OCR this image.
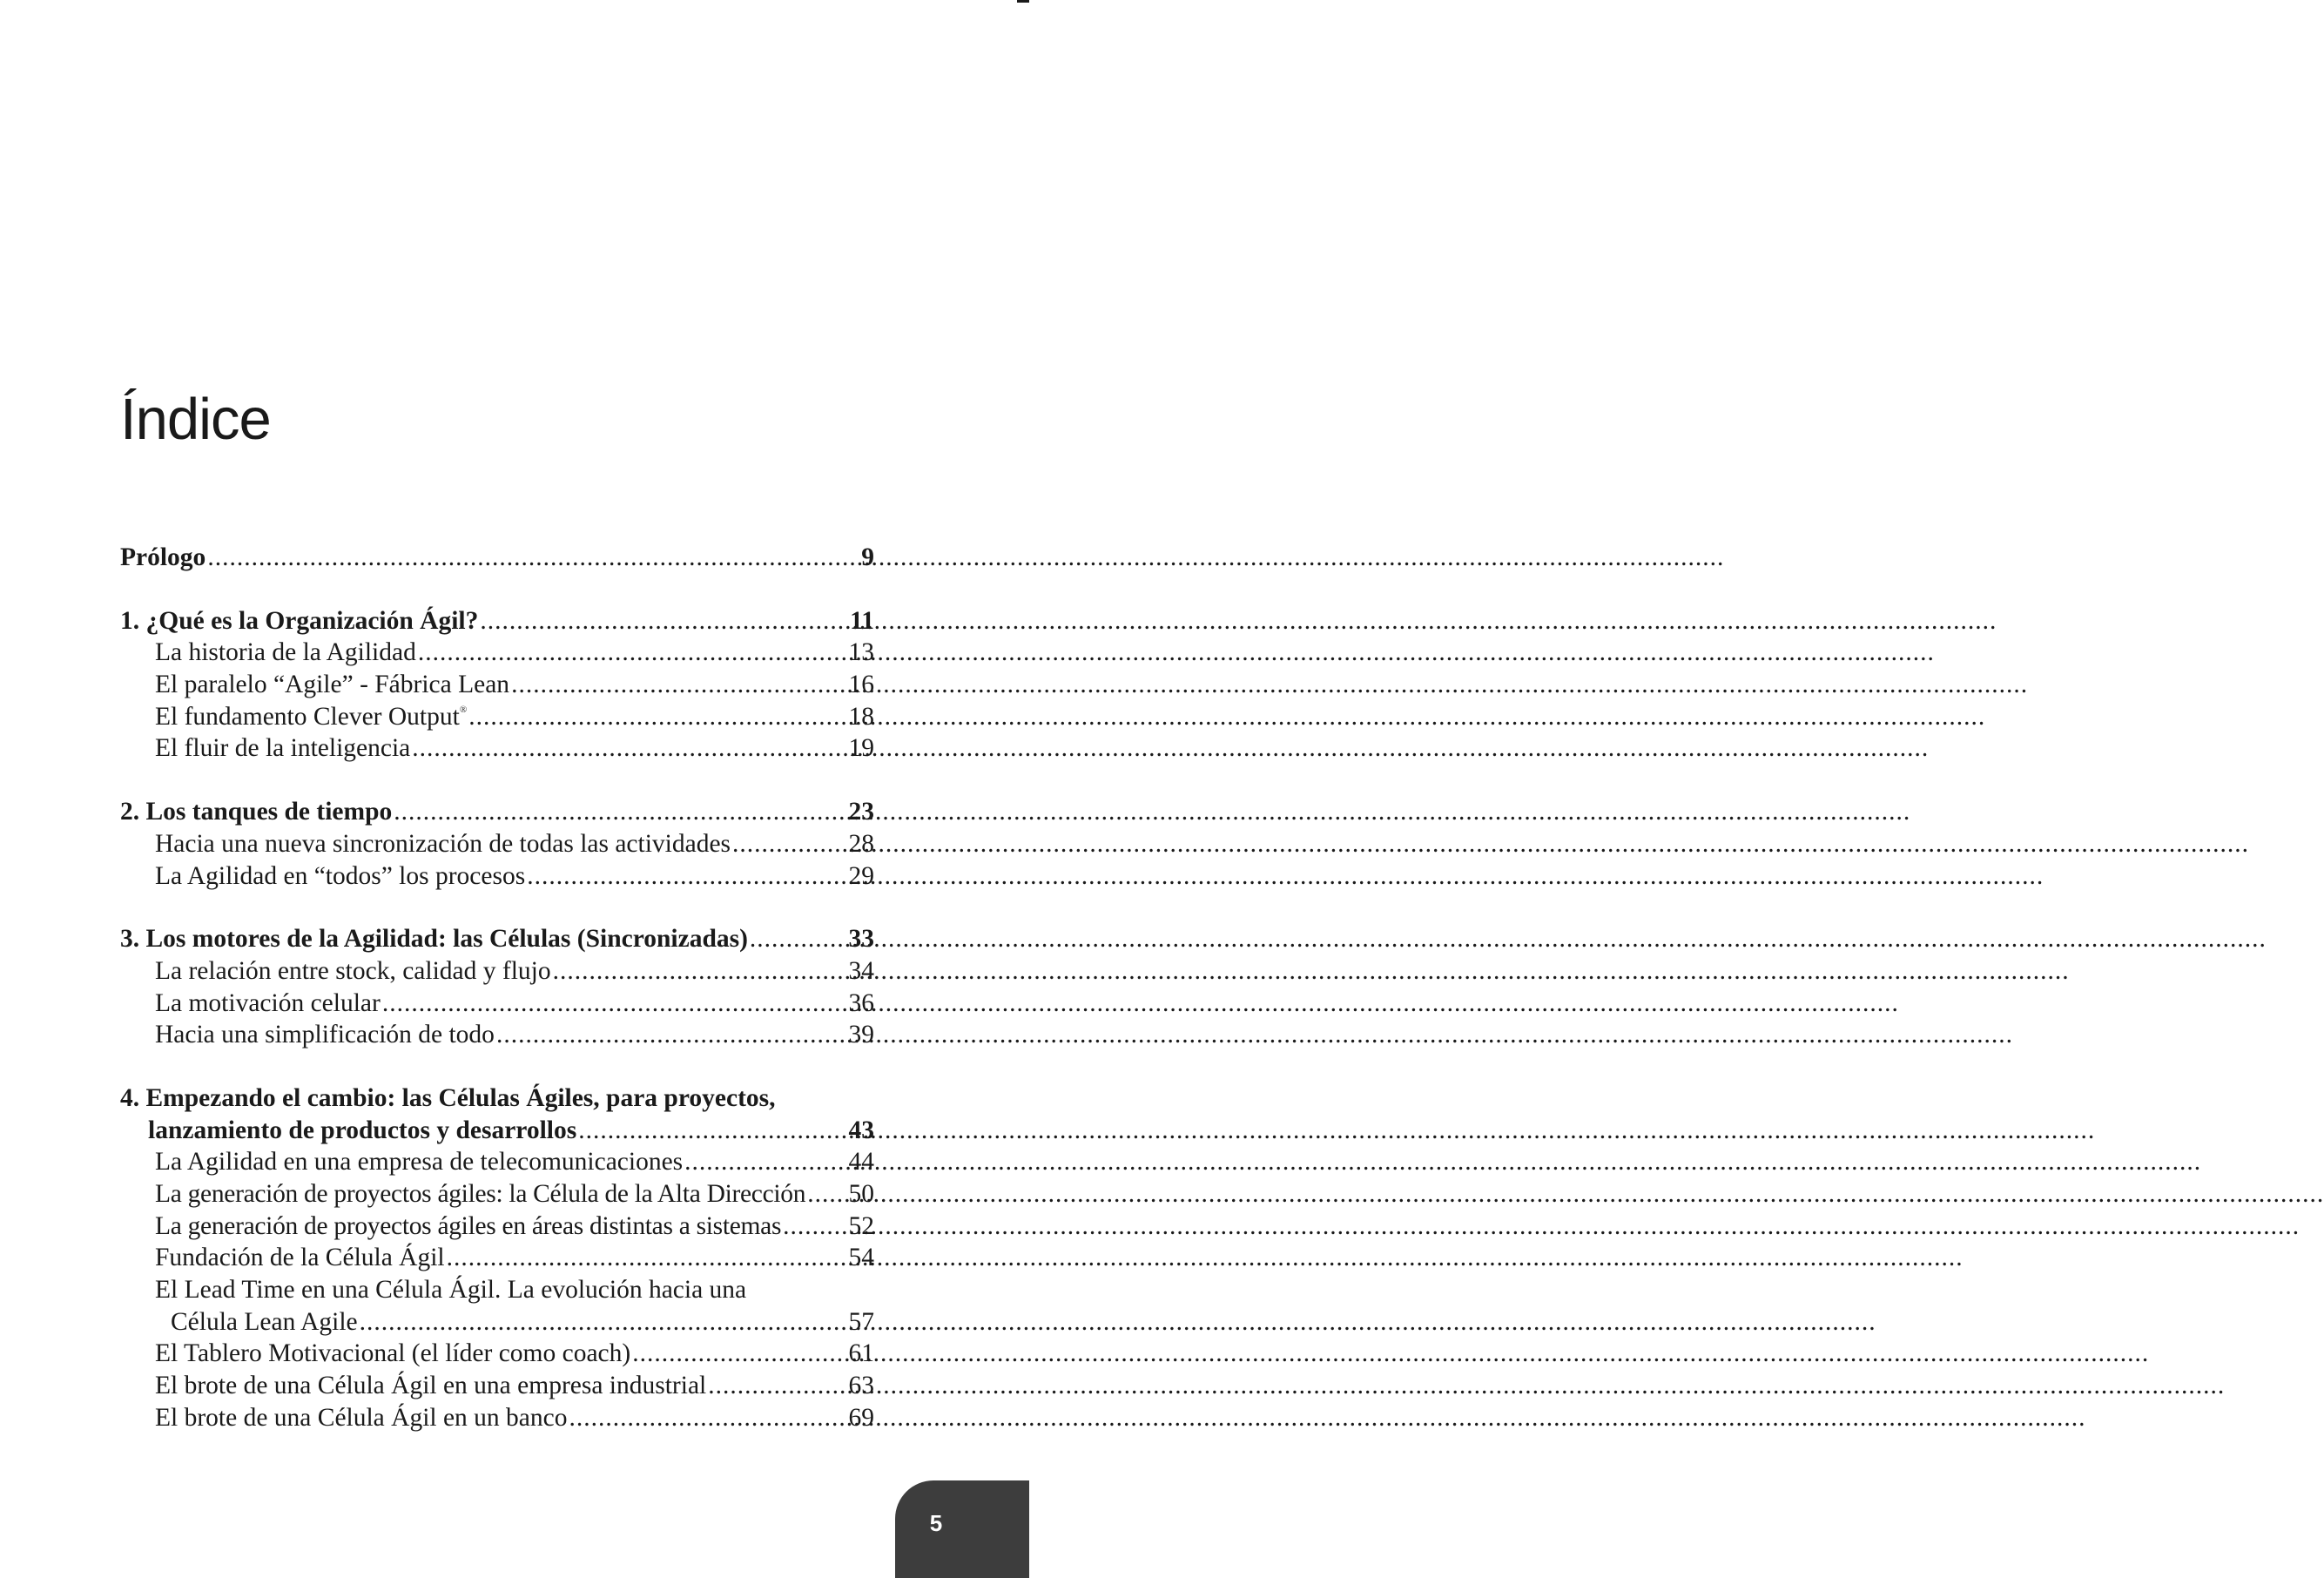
Índice
Prólogo .....	9
1. ¿Qué es la Organización Ágil? .....	11
La historia de la Agilidad .....	13
El paralelo “Agile” - Fábrica Lean .....	16
El fundamento Clever Output® .....	18
El fluir de la inteligencia .....	19
2. Los tanques de tiempo .....	23
Hacia una nueva sincronización de todas las actividades .....	28
La Agilidad en “todos” los procesos .....	29
3. Los motores de la Agilidad: las Células (Sincronizadas) .....	33
La relación entre stock, calidad y flujo .....	34
La motivación celular .....	36
Hacia una simplificación de todo .....	39
4. Empezando el cambio: las Células Ágiles, para proyectos,
lanzamiento de productos y desarrollos .....	43
La Agilidad en una empresa de telecomunicaciones .....	44
La generación de proyectos ágiles: la Célula de la Alta Dirección ..... 50
La generación de proyectos ágiles en áreas distintas a sistemas .....	52
Fundación de la Célula Ágil .....	54
El Lead Time en una Célula Ágil. La evolución hacia una
Célula Lean Agile .....	57
El Tablero Motivacional (el líder como coach) .....	61
El brote de una Célula Ágil en una empresa industrial .....	63
El brote de una Célula Ágil en un banco .....	69
5
